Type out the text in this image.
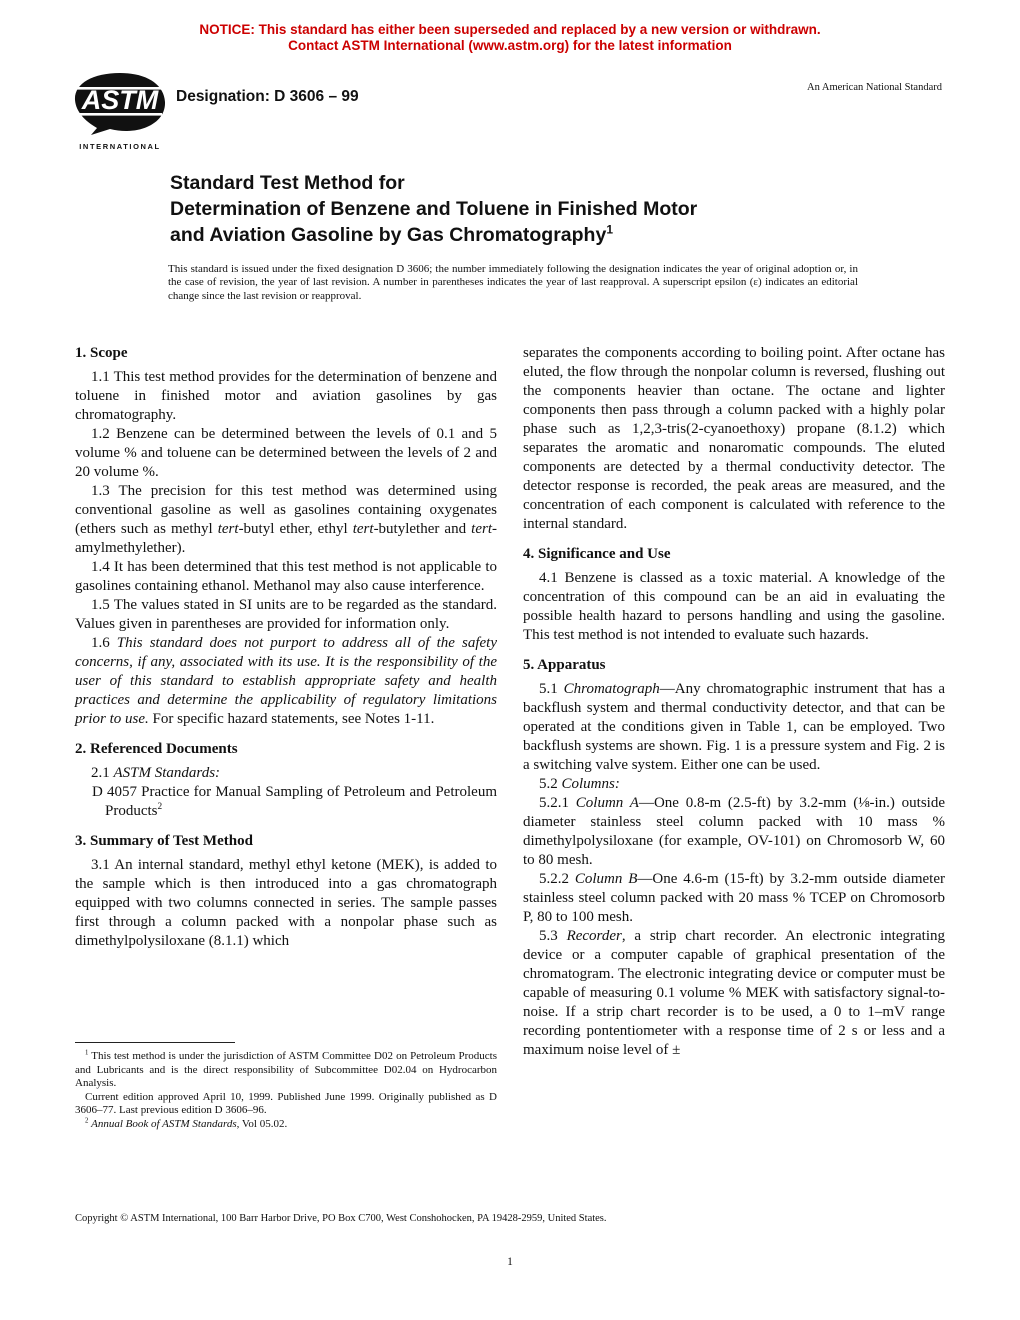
NOTICE: This standard has either been superseded and replaced by a new version or withdrawn.
Contact ASTM International (www.astm.org) for the latest information
ASTM
INTERNATIONAL
Designation: D 3606 – 99
An American National Standard
Standard Test Method for
Determination of Benzene and Toluene in Finished Motor
and Aviation Gasoline by Gas Chromatography$^1$
This standard is issued under the fixed designation D 3606; the number immediately following the designation indicates the year of original adoption or, in the case of revision, the year of last revision. A number in parentheses indicates the year of last reapproval. A superscript epsilon (ε) indicates an editorial change since the last revision or reapproval.
1. Scope

1.1 This test method provides for the determination of benzene and toluene in finished motor and aviation gasolines by gas chromatography.

1.2 Benzene can be determined between the levels of 0.1 and 5 volume % and toluene can be determined between the levels of 2 and 20 volume %.

1.3 The precision for this test method was determined using conventional gasoline as well as gasolines containing oxygenates (ethers such as methyl tert-butyl ether, ethyl tert-butylether and tert-amylmethylether).

1.4 It has been determined that this test method is not applicable to gasolines containing ethanol. Methanol may also cause interference.

1.5 The values stated in SI units are to be regarded as the standard. Values given in parentheses are provided for information only.

1.6 This standard does not purport to address all of the safety concerns, if any, associated with its use. It is the responsibility of the user of this standard to establish appropriate safety and health practices and determine the applicability of regulatory limitations prior to use. For specific hazard statements, see Notes 1-11.

2. Referenced Documents

2.1 ASTM Standards:

D 4057 Practice for Manual Sampling of Petroleum and Petroleum Products$^2$

3. Summary of Test Method

3.1 An internal standard, methyl ethyl ketone (MEK), is added to the sample which is then introduced into a gas chromatograph equipped with two columns connected in series. The sample passes first through a column packed with a nonpolar phase such as dimethylpolysiloxane (8.1.1) which

separates the components according to boiling point. After octane has eluted, the flow through the nonpolar column is reversed, flushing out the components heavier than octane. The octane and lighter components then pass through a column packed with a highly polar phase such as 1,2,3-tris(2-cyanoethoxy) propane (8.1.2) which separates the aromatic and nonaromatic compounds. The eluted components are detected by a thermal conductivity detector. The detector response is recorded, the peak areas are measured, and the concentration of each component is calculated with reference to the internal standard.

4. Significance and Use

4.1 Benzene is classed as a toxic material. A knowledge of the concentration of this compound can be an aid in evaluating the possible health hazard to persons handling and using the gasoline. This test method is not intended to evaluate such hazards.

5. Apparatus

5.1 Chromatograph—Any chromatographic instrument that has a backflush system and thermal conductivity detector, and that can be operated at the conditions given in Table 1, can be employed. Two backflush systems are shown. Fig. 1 is a pressure system and Fig. 2 is a switching valve system. Either one can be used.

5.2 Columns:

5.2.1 Column A—One 0.8-m (2.5-ft) by 3.2-mm (⅛-in.) outside diameter stainless steel column packed with 10 mass % dimethylpolysiloxane (for example, OV-101) on Chromosorb W, 60 to 80 mesh.

5.2.2 Column B—One 4.6-m (15-ft) by 3.2-mm outside diameter stainless steel column packed with 20 mass % TCEP on Chromosorb P, 80 to 100 mesh.

5.3 Recorder, a strip chart recorder. An electronic integrating device or a computer capable of graphical presentation of the chromatogram. The electronic integrating device or computer must be capable of measuring 0.1 volume % MEK with satisfactory signal-to-noise. If a strip chart recorder is to be used, a 0 to 1–mV range recording pontentiometer with a response time of 2 s or less and a maximum noise level of ±

$^1$ This test method is under the jurisdiction of ASTM Committee D02 on Petroleum Products and Lubricants and is the direct responsibility of Subcommittee D02.04 on Hydrocarbon Analysis.

Current edition approved April 10, 1999. Published June 1999. Originally published as D 3606–77. Last previous edition D 3606–96.

$^2$ Annual Book of ASTM Standards, Vol 05.02.

Copyright © ASTM International, 100 Barr Harbor Drive, PO Box C700, West Conshohocken, PA 19428-2959, United States.
1
